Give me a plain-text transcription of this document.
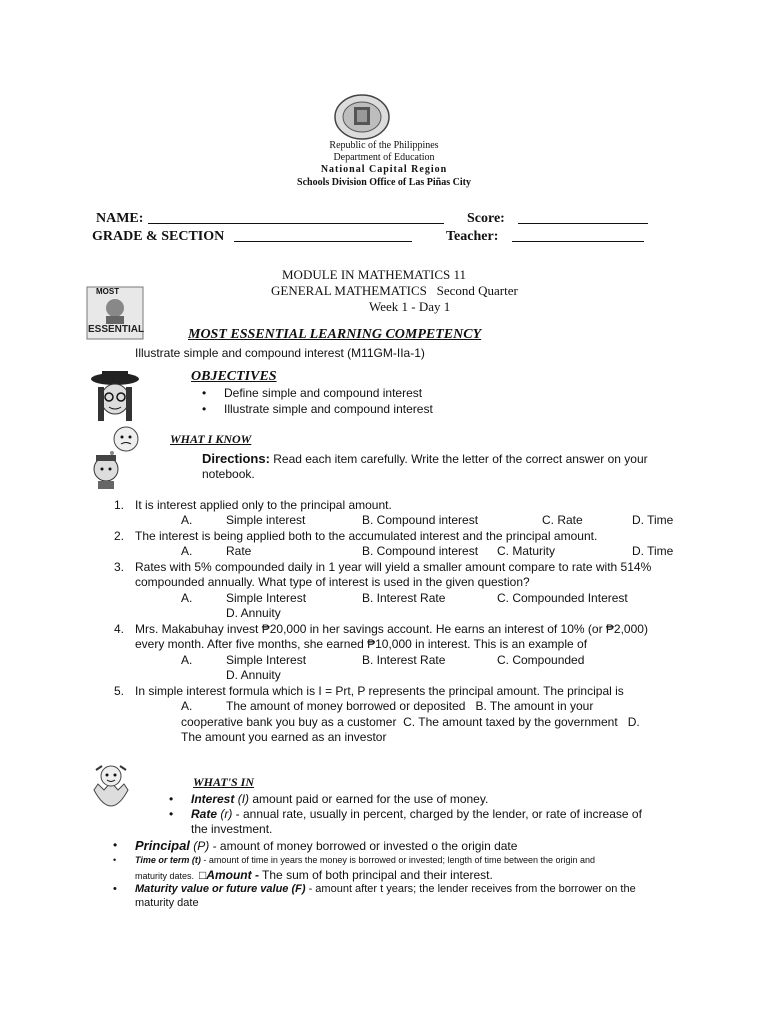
Republic of the Philippines
Department of Education
National Capital Region
Schools Division Office of Las Piñas City
NAME:	Score:
GRADE & SECTION	Teacher:
MODULE IN MATHEMATICS 11
GENERAL MATHEMATICS   Second Quarter
Week 1 - Day 1
MOST
ESSENTIAL	MOST ESSENTIAL LEARNING COMPETENCY
Illustrate simple and compound interest (M11GM-IIa-1)
OBJECTIVES
• Define simple and compound interest
• Illustrate simple and compound interest
WHAT I KNOW
Directions: Read each item carefully. Write the letter of the correct answer on your
notebook.
1. It is interest applied only to the principal amount.
A.	Simple interest	B. Compound interest	C. Rate	D. Time
2. The interest is being applied both to the accumulated interest and the principal amount.
A.	Rate	B. Compound interest C. Maturity	D. Time
3. Rates with 5% compounded daily in 1 year will yield a smaller amount compare to rate with 514%
compounded annually. What type of interest is used in the given question?
A.	Simple Interest	B. Interest Rate	C. Compounded Interest
D. Annuity
4. Mrs. Makabuhay invest ₱20,000 in her savings account. He earns an interest of 10% (or ₱2,000)
every month. After five months, she earned ₱10,000 in interest. This is an example of
A.	Simple Interest	B. Interest Rate	C. Compounded
D. Annuity
5. In simple interest formula which is I = Prt, P represents the principal amount. The principal is
A.	The amount of money borrowed or deposited   B. The amount in your
cooperative bank you buy as a customer  C. The amount taxed by the government   D.
The amount you earned as an investor
WHAT'S IN
• Interest (I) amount paid or earned for the use of money.
• Rate (r) - annual rate, usually in percent, charged by the lender, or rate of increase of
the investment.
• Principal (P) - amount of money borrowed or invested o the origin date
• Time or term (t) - amount of time in years the money is borrowed or invested; length of time between the origin and
maturity dates.  □Amount - The sum of both principal and their interest.
• Maturity value or future value (F) - amount after t years; the lender receives from the borrower on the
maturity date
